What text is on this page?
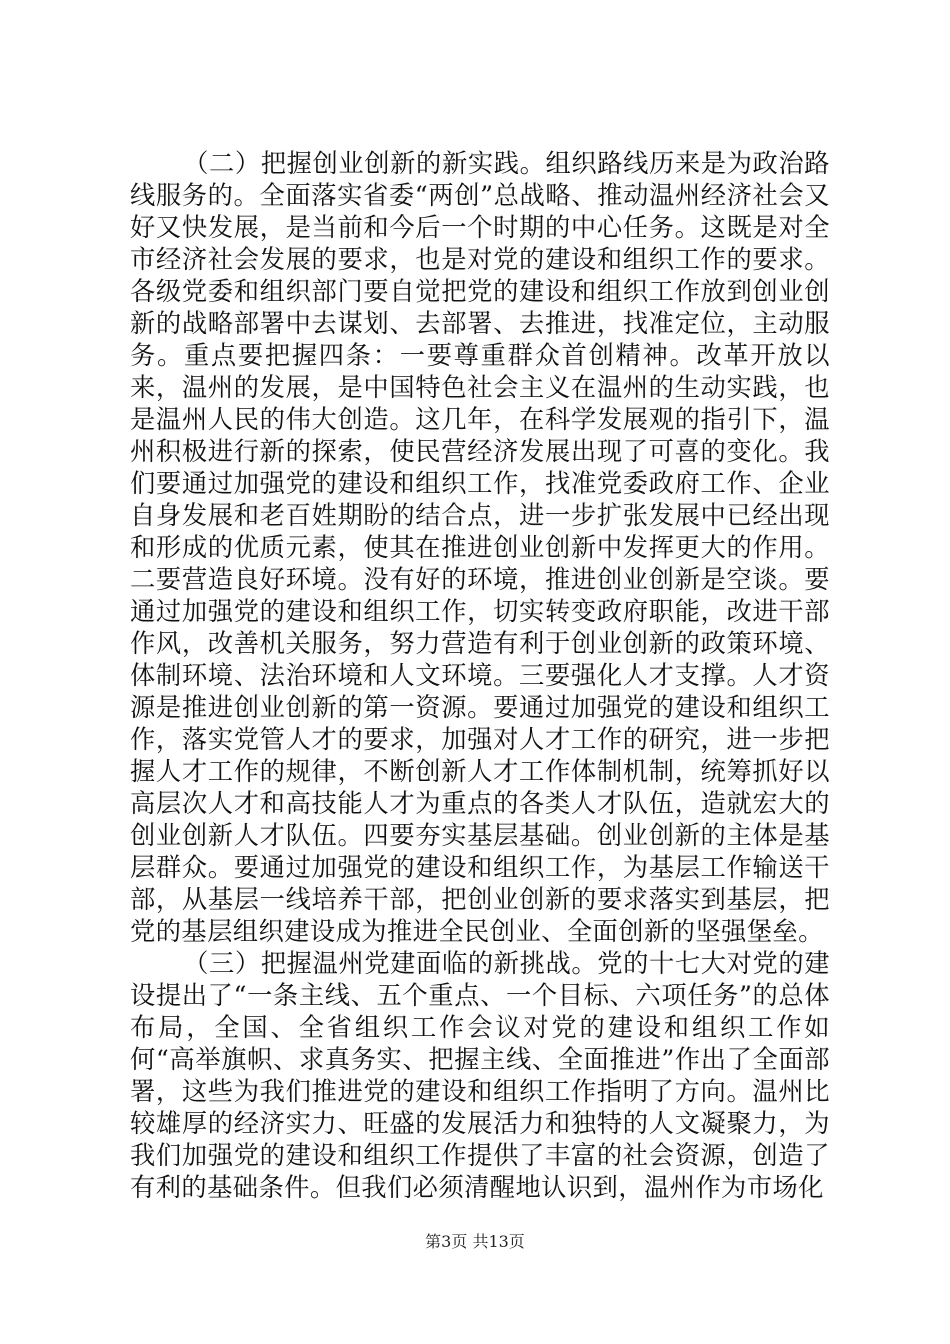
（二）把握创业创新的新实践。组织路线历来是为政治路线服务的。全面落实省委“两创”总战略、推动温州经济社会又好又快发展，是当前和今后一个时期的中心任务。这既是对全市经济社会发展的要求，也是对党的建设和组织工作的要求。各级党委和组织部门要自觉把党的建设和组织工作放到创业创新的战略部署中去谋划、去部署、去推进，找准定位，主动服务。重点要把握四条：一要尊重群众首创精神。改革开放以来，温州的发展，是中国特色社会主义在温州的生动实践，也是温州人民的伟大创造。这几年，在科学发展观的指引下，温州积极进行新的探索，使民营经济发展出现了可喜的变化。我们要通过加强党的建设和组织工作，找准党委政府工作、企业自身发展和老百姓期盼的结合点，进一步扩张发展中已经出现和形成的优质元素，使其在推进创业创新中发挥更大的作用。二要营造良好环境。没有好的环境，推进创业创新是空谈。要通过加强党的建设和组织工作，切实转变政府职能，改进干部作风，改善机关服务，努力营造有利于创业创新的政策环境、体制环境、法治环境和人文环境。三要强化人才支撑。人才资源是推进创业创新的第一资源。要通过加强党的建设和组织工作，落实党管人才的要求，加强对人才工作的研究，进一步把握人才工作的规律，不断创新人才工作体制机制，统筹抓好以高层次人才和高技能人才为重点的各类人才队伍，造就宏大的创业创新人才队伍。四要夯实基层基础。创业创新的主体是基层群众。要通过加强党的建设和组织工作，为基层工作输送干部，从基层一线培养干部，把创业创新的要求落实到基层，把党的基层组织建设成为推进全民创业、全面创新的坚强堡垒。

（三）把握温州党建面临的新挑战。党的十七大对党的建设提出了“一条主线、五个重点、一个目标、六项任务”的总体布局，全国、全省组织工作会议对党的建设和组织工作如何“高举旗帜、求真务实、把握主线、全面推进”作出了全面部署，这些为我们推进党的建设和组织工作指明了方向。温州比较雄厚的经济实力、旺盛的发展活力和独特的人文凝聚力，为我们加强党的建设和组织工作提供了丰富的社会资源，创造了有利的基础条件。但我们必须清醒地认识到，温州作为市场化

第3页 共13页
